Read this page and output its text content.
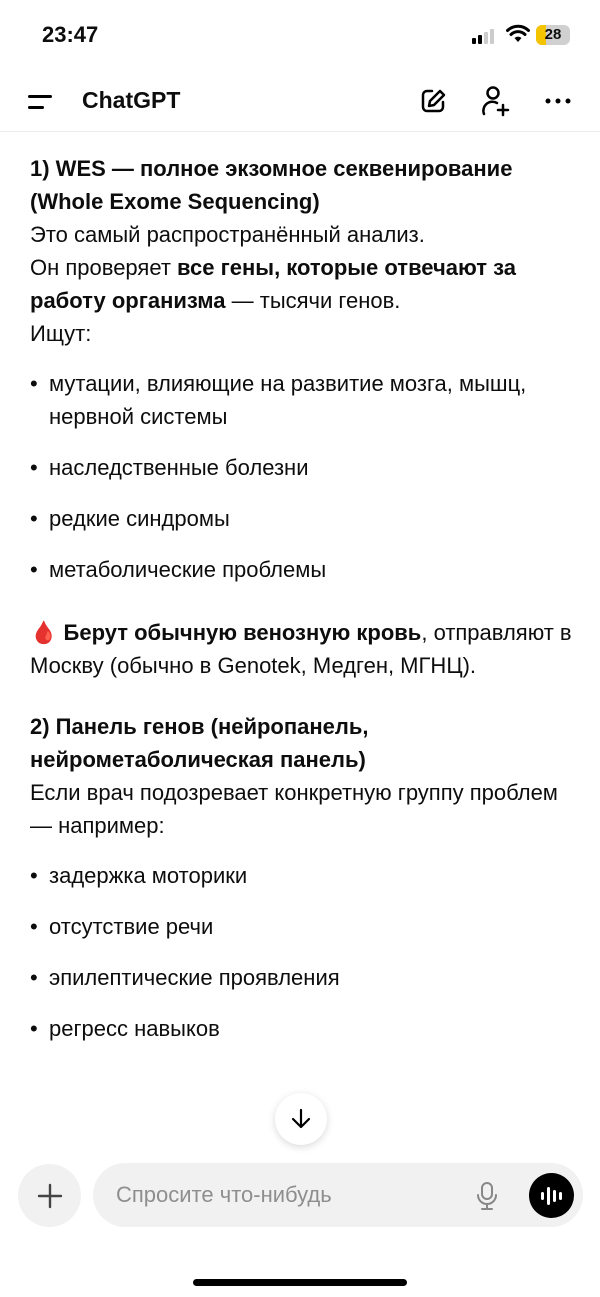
23:47	28
ChatGPT

1) WES — полное экзомное секвенирование (Whole Exome Sequencing)

Это самый распространённый анализ.

Он проверяет все гены, которые отвечают за работу организма — тысячи генов.

Ищут:

• мутации, влияющие на развитие мозга, мышц, нервной системы
• наследственные болезни
• редкие синдромы
• метаболические проблемы

🩸 Берут обычную венозную кровь, отправляют в Москву (обычно в Genotek, Медген, МГНЦ).

2) Панель генов (нейропанель, нейрометаболическая панель)

Если врач подозревает конкретную группу проблем — например:

• задержка моторики
• отсутствие речи
• эпилептические проявления
• регресс навыков
Спросите что-нибудь
